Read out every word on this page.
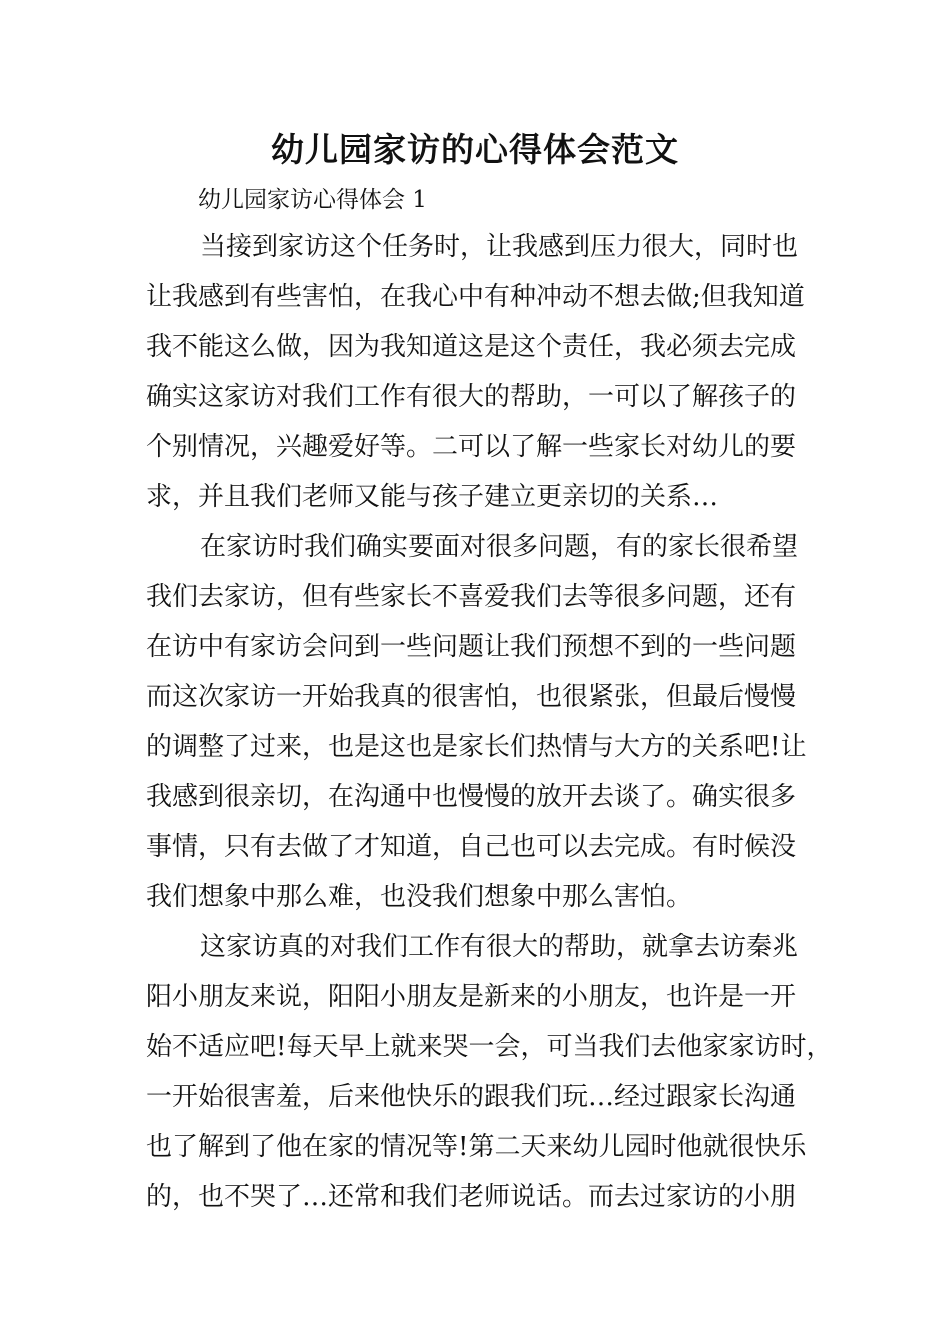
幼儿园家访的心得体会范文

幼儿园家访心得体会 1

当接到家访这个任务时，让我感到压力很大，同时也

让我感到有些害怕，在我心中有种冲动不想去做;但我知道

我不能这么做，因为我知道这是这个责任，我必须去完成

确实这家访对我们工作有很大的帮助，一可以了解孩子的

个别情况，兴趣爱好等。二可以了解一些家长对幼儿的要

求，并且我们老师又能与孩子建立更亲切的关系…

在家访时我们确实要面对很多问题，有的家长很希望

我们去家访，但有些家长不喜爱我们去等很多问题，还有

在访中有家访会问到一些问题让我们预想不到的一些问题

而这次家访一开始我真的很害怕，也很紧张，但最后慢慢

的调整了过来，也是这也是家长们热情与大方的关系吧!让

我感到很亲切，在沟通中也慢慢的放开去谈了。确实很多

事情，只有去做了才知道，自己也可以去完成。有时候没

我们想象中那么难，也没我们想象中那么害怕。

这家访真的对我们工作有很大的帮助，就拿去访秦兆

阳小朋友来说，阳阳小朋友是新来的小朋友，也许是一开

始不适应吧!每天早上就来哭一会，可当我们去他家家访时，

一开始很害羞，后来他快乐的跟我们玩…经过跟家长沟通

也了解到了他在家的情况等!第二天来幼儿园时他就很快乐

的，也不哭了…还常和我们老师说话。而去过家访的小朋
